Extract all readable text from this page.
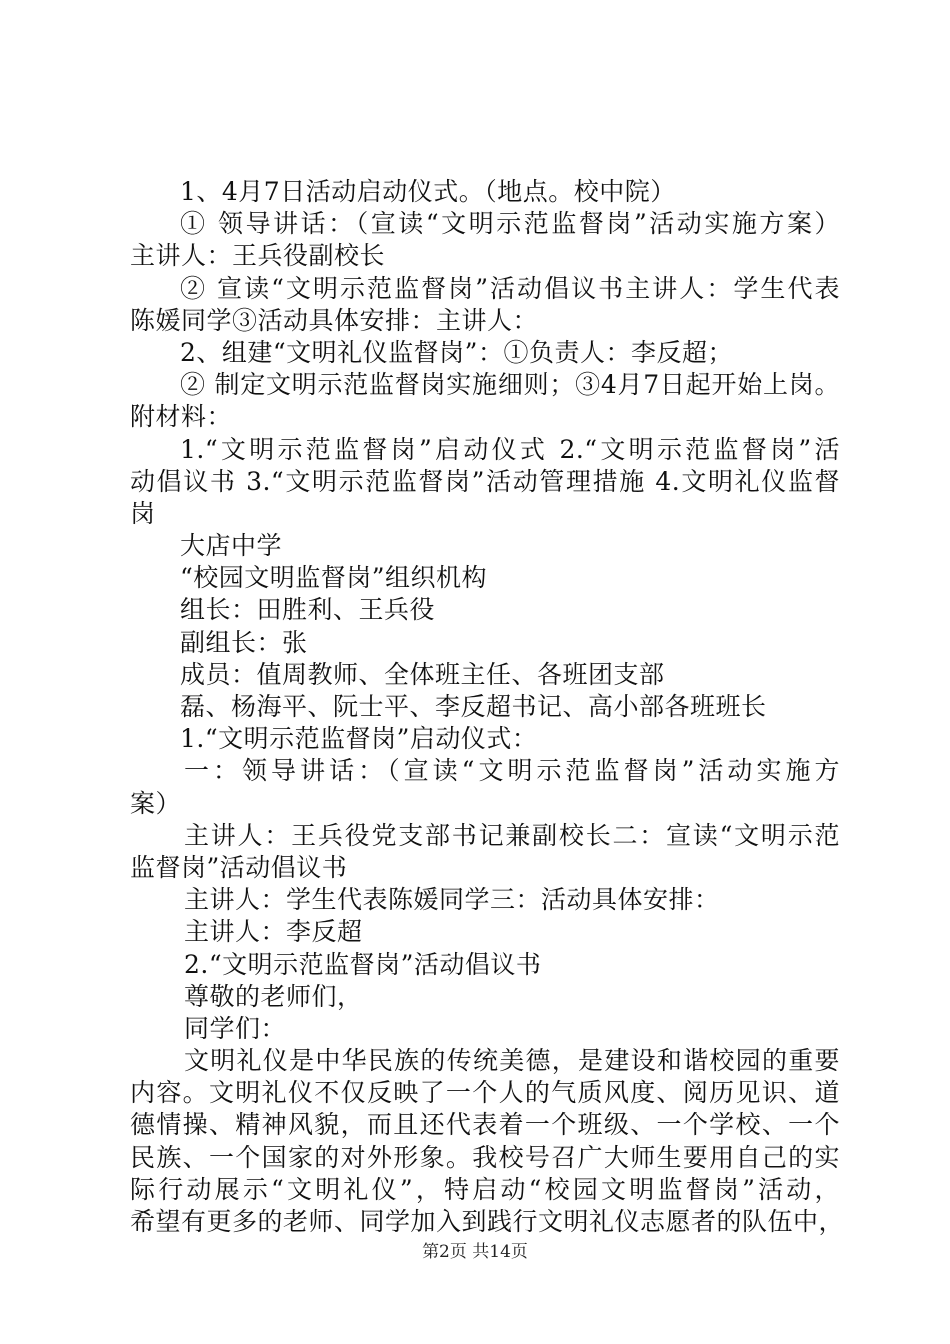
1、4月7日活动启动仪式。（地点。校中院）
① 领导讲话：（宣读“文明示范监督岗”活动实施方案）
主讲人：王兵役副校长
② 宣读“文明示范监督岗”活动倡议书主讲人：学生代表
陈媛同学③活动具体安排：主讲人：
2、组建“文明礼仪监督岗”：①负责人：李反超；
② 制定文明示范监督岗实施细则；③4月7日起开始上岗。
附材料：
1.“文明示范监督岗”启动仪式 2.“文明示范监督岗”活
动倡议书 3.“文明示范监督岗”活动管理措施 4.文明礼仪监督
岗
大店中学
“校园文明监督岗”组织机构
组长：田胜利、王兵役
副组长：张
成员：值周教师、全体班主任、各班团支部
磊、杨海平、阮士平、李反超书记、高小部各班班长
1.“文明示范监督岗”启动仪式：
一：领导讲话：（宣读“文明示范监督岗”活动实施方
案）
主讲人：王兵役党支部书记兼副校长二：宣读“文明示范
监督岗”活动倡议书
主讲人：学生代表陈媛同学三：活动具体安排：
主讲人：李反超
2.“文明示范监督岗”活动倡议书
尊敬的老师们，
同学们：
文明礼仪是中华民族的传统美德，是建设和谐校园的重要
内容。文明礼仪不仅反映了一个人的气质风度、阅历见识、道
德情操、精神风貌，而且还代表着一个班级、一个学校、一个
民族、一个国家的对外形象。我校号召广大师生要用自己的实
际行动展示“文明礼仪”，特启动“校园文明监督岗”活动，
希望有更多的老师、同学加入到践行文明礼仪志愿者的队伍中，
第2页 共14页
